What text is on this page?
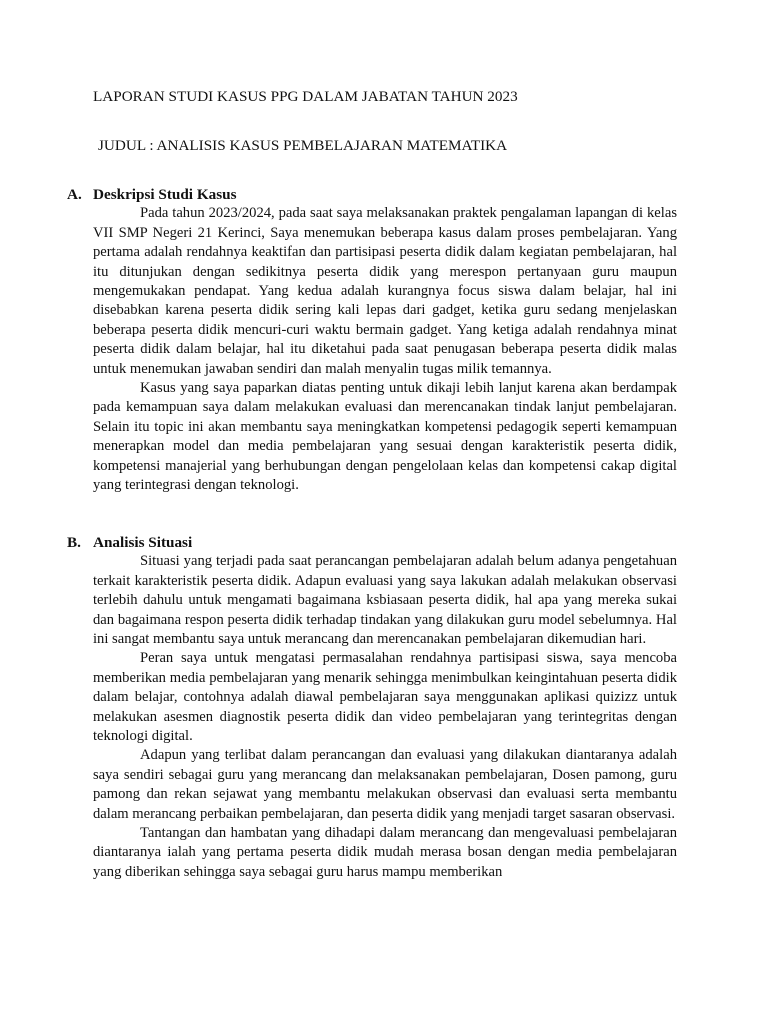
LAPORAN STUDI KASUS PPG DALAM JABATAN TAHUN 2023
JUDUL : ANALISIS KASUS PEMBELAJARAN MATEMATIKA
A. Deskripsi Studi Kasus

Pada tahun 2023/2024, pada saat saya melaksanakan praktek pengalaman lapangan di kelas VII SMP Negeri 21 Kerinci, Saya menemukan beberapa kasus dalam proses pembelajaran. Yang pertama adalah rendahnya keaktifan dan partisipasi peserta didik dalam kegiatan pembelajaran, hal itu ditunjukan dengan sedikitnya peserta didik yang merespon pertanyaan guru maupun mengemukakan pendapat. Yang kedua adalah kurangnya focus siswa dalam belajar, hal ini disebabkan karena peserta didik sering kali lepas dari gadget, ketika guru sedang menjelaskan beberapa peserta didik mencuri-curi waktu bermain gadget. Yang ketiga adalah rendahnya minat peserta didik dalam belajar, hal itu diketahui pada saat penugasan beberapa peserta didik malas untuk menemukan jawaban sendiri dan malah menyalin tugas milik temannya.

Kasus yang saya paparkan diatas penting untuk dikaji lebih lanjut karena akan berdampak pada kemampuan saya dalam melakukan evaluasi dan merencanakan tindak lanjut pembelajaran. Selain itu topic ini akan membantu saya meningkatkan kompetensi pedagogik seperti kemampuan menerapkan model dan media pembelajaran yang sesuai dengan karakteristik peserta didik, kompetensi manajerial yang berhubungan dengan pengelolaan kelas dan kompetensi cakap digital yang terintegrasi dengan teknologi.

B. Analisis Situasi

Situasi yang terjadi pada saat perancangan pembelajaran adalah belum adanya pengetahuan terkait karakteristik peserta didik. Adapun evaluasi yang saya lakukan adalah melakukan observasi terlebih dahulu untuk mengamati bagaimana ksbiasaan peserta didik, hal apa yang mereka sukai dan bagaimana respon peserta didik terhadap tindakan yang dilakukan guru model sebelumnya. Hal ini sangat membantu saya untuk merancang dan merencanakan pembelajaran dikemudian hari.

Peran saya untuk mengatasi permasalahan rendahnya partisipasi siswa, saya mencoba memberikan media pembelajaran yang menarik sehingga menimbulkan keingintahuan peserta didik dalam belajar, contohnya adalah diawal pembelajaran saya menggunakan aplikasi quizizz untuk melakukan asesmen diagnostik peserta didik dan video pembelajaran yang terintegritas dengan teknologi digital.

Adapun yang terlibat dalam perancangan dan evaluasi yang dilakukan diantaranya adalah saya sendiri sebagai guru yang merancang dan melaksanakan pembelajaran, Dosen pamong, guru pamong dan rekan sejawat yang membantu melakukan observasi dan evaluasi serta membantu dalam merancang perbaikan pembelajaran, dan peserta didik yang menjadi target sasaran observasi.

Tantangan dan hambatan yang dihadapi dalam merancang dan mengevaluasi pembelajaran diantaranya ialah yang pertama peserta didik mudah merasa bosan dengan media pembelajaran yang diberikan sehingga saya sebagai guru harus mampu memberikan
